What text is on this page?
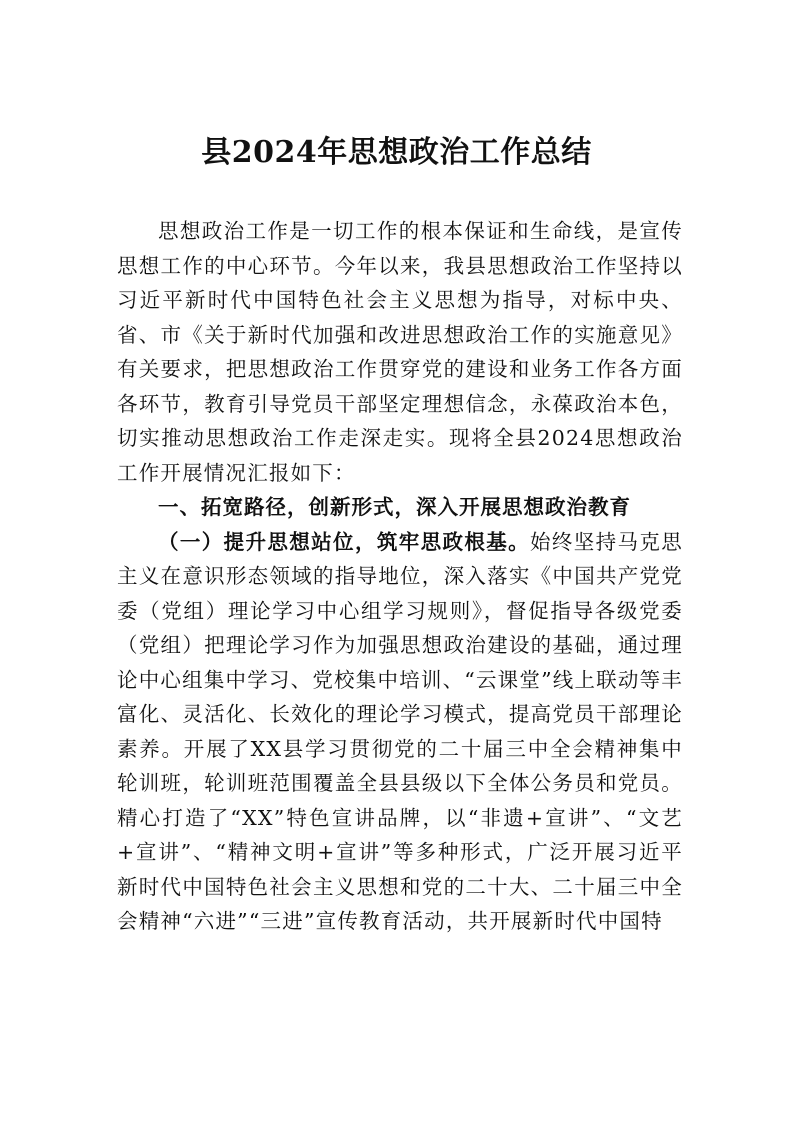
县2024年思想政治工作总结

思想政治工作是一切工作的根本保证和生命线，是宣传思想工作的中心环节。今年以来，我县思想政治工作坚持以习近平新时代中国特色社会主义思想为指导，对标中央、省、市《关于新时代加强和改进思想政治工作的实施意见》有关要求，把思想政治工作贯穿党的建设和业务工作各方面各环节，教育引导党员干部坚定理想信念，永葆政治本色，切实推动思想政治工作走深走实。现将全县2024思想政治工作开展情况汇报如下：

一、拓宽路径，创新形式，深入开展思想政治教育

（一）提升思想站位，筑牢思政根基。始终坚持马克思主义在意识形态领域的指导地位，深入落实《中国共产党党委（党组）理论学习中心组学习规则》，督促指导各级党委（党组）把理论学习作为加强思想政治建设的基础，通过理论中心组集中学习、党校集中培训、“云课堂”线上联动等丰富化、灵活化、长效化的理论学习模式，提高党员干部理论素养。开展了XX县学习贯彻党的二十届三中全会精神集中轮训班，轮训班范围覆盖全县县级以下全体公务员和党员。精心打造了“XX”特色宣讲品牌，以“非遗+宣讲”、“文艺+宣讲”、“精神文明+宣讲”等多种形式，广泛开展习近平新时代中国特色社会主义思想和党的二十大、二十届三中全会精神“六进”“三进”宣传教育活动，共开展新时代中国特
